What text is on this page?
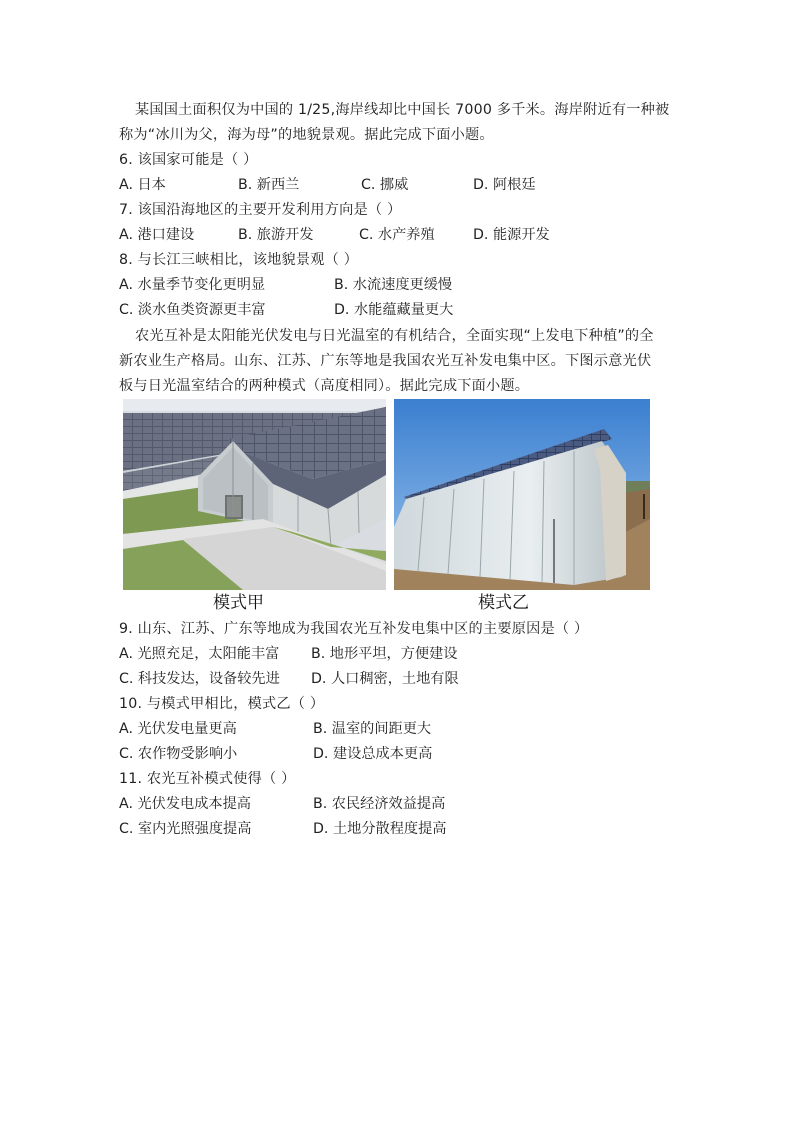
某国国土面积仅为中国的 1/25,海岸线却比中国长 7000 多千米。海岸附近有一种被
称为“冰川为父，海为母”的地貌景观。据此完成下面小题。
6. 该国家可能是（ ）
A. 日本	B. 新西兰	C. 挪威	D. 阿根廷
7. 该国沿海地区的主要开发利用方向是（ ）
A. 港口建设	B. 旅游开发	C. 水产养殖	D. 能源开发
8. 与长江三峡相比，该地貌景观（ ）
A. 水量季节变化更明显	B. 水流速度更缓慢
C. 淡水鱼类资源更丰富	D. 水能蕴藏量更大
农光互补是太阳能光伏发电与日光温室的有机结合，全面实现“上发电下种植”的全
新农业生产格局。山东、江苏、广东等地是我国农光互补发电集中区。下图示意光伏
板与日光温室结合的两种模式（高度相同）。据此完成下面小题。
模式甲	模式乙
9. 山东、江苏、广东等地成为我国农光互补发电集中区的主要原因是（ ）
A. 光照充足，太阳能丰富 B. 地形平坦，方便建设
C. 科技发达，设备较先进 D. 人口稠密，土地有限
10. 与模式甲相比，模式乙（ ）
A. 光伏发电量更高	B. 温室的间距更大
C. 农作物受影响小	D. 建设总成本更高
11. 农光互补模式使得（ ）
A. 光伏发电成本提高	B. 农民经济效益提高
C. 室内光照强度提高	D. 土地分散程度提高
